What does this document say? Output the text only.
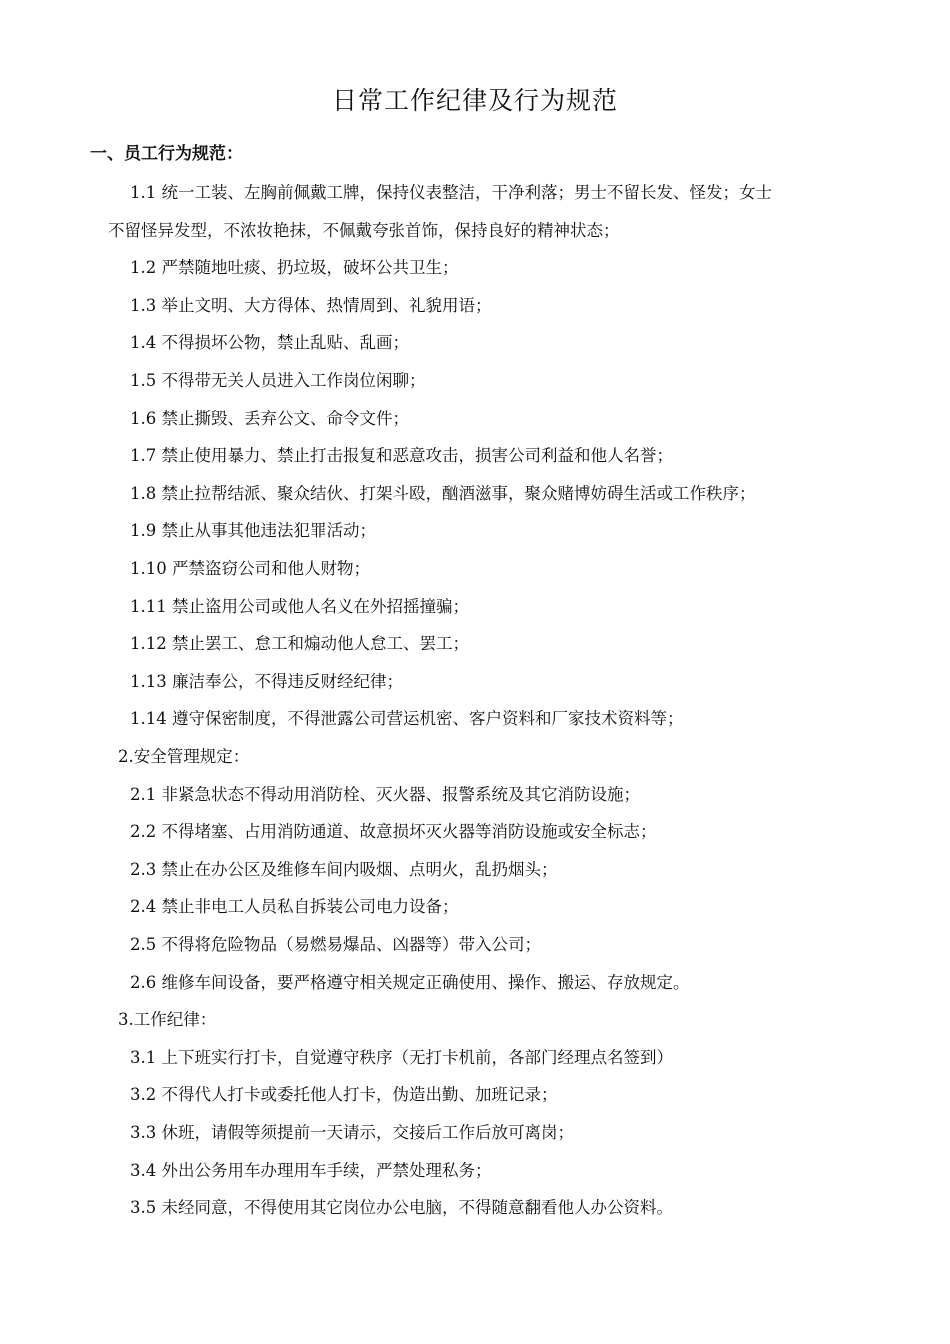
日常工作纪律及行为规范
一、员工行为规范：
1.1 统一工装、左胸前佩戴工牌，保持仪表整洁，干净利落；男士不留长发、怪发；女士
不留怪异发型，不浓妆艳抹，不佩戴夸张首饰，保持良好的精神状态；
1.2 严禁随地吐痰、扔垃圾，破坏公共卫生；
1.3 举止文明、大方得体、热情周到、礼貌用语；
1.4 不得损坏公物，禁止乱贴、乱画；
1.5 不得带无关人员进入工作岗位闲聊；
1.6 禁止撕毁、丢弃公文、命令文件；
1.7 禁止使用暴力、禁止打击报复和恶意攻击，损害公司利益和他人名誉；
1.8 禁止拉帮结派、聚众结伙、打架斗殴，酗酒滋事，聚众赌博妨碍生活或工作秩序；
1.9 禁止从事其他违法犯罪活动；
1.10 严禁盗窃公司和他人财物；
1.11 禁止盗用公司或他人名义在外招摇撞骗；
1.12 禁止罢工、怠工和煽动他人怠工、罢工；
1.13 廉洁奉公，不得违反财经纪律；
1.14 遵守保密制度，不得泄露公司营运机密、客户资料和厂家技术资料等；
2.安全管理规定：
2.1 非紧急状态不得动用消防栓、灭火器、报警系统及其它消防设施；
2.2 不得堵塞、占用消防通道、故意损坏灭火器等消防设施或安全标志；
2.3 禁止在办公区及维修车间内吸烟、点明火，乱扔烟头；
2.4 禁止非电工人员私自拆装公司电力设备；
2.5 不得将危险物品（易燃易爆品、凶器等）带入公司；
2.6 维修车间设备，要严格遵守相关规定正确使用、操作、搬运、存放规定。
3.工作纪律：
3.1 上下班实行打卡，自觉遵守秩序（无打卡机前，各部门经理点名签到）
3.2 不得代人打卡或委托他人打卡，伪造出勤、加班记录；
3.3 休班，请假等须提前一天请示，交接后工作后放可离岗；
3.4 外出公务用车办理用车手续，严禁处理私务；
3.5 未经同意，不得使用其它岗位办公电脑，不得随意翻看他人办公资料。
